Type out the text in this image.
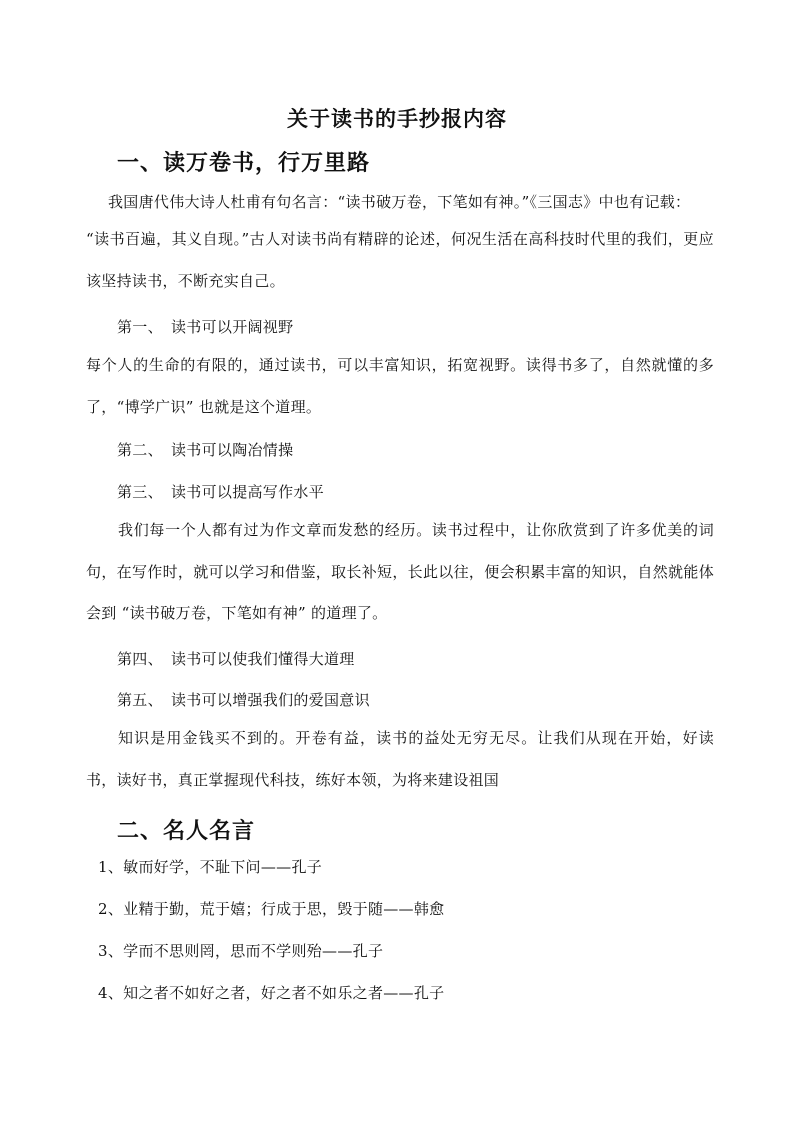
关于读书的手抄报内容
一、读万卷书，行万里路
我国唐代伟大诗人杜甫有句名言：“读书破万卷，下笔如有神。”《三国志》中也有记载：

“读书百遍，其义自现。”古人对读书尚有精辟的论述，何况生活在高科技时代里的我们，更应该坚持读书，不断充实自己。

第一、 读书可以开阔视野

每个人的生命的有限的，通过读书，可以丰富知识，拓宽视野。读得书多了，自然就懂的多了，“博学广识” 也就是这个道理。

第二、 读书可以陶冶情操
第三、 读书可以提高写作水平

我们每一个人都有过为作文章而发愁的经历。读书过程中，让你欣赏到了许多优美的词句，在写作时，就可以学习和借鉴，取长补短，长此以往，便会积累丰富的知识，自然就能体会到 “读书破万卷，下笔如有神” 的道理了。

第四、 读书可以使我们懂得大道理
第五、 读书可以增强我们的爱国意识

知识是用金钱买不到的。开卷有益，读书的益处无穷无尽。让我们从现在开始，好读书，读好书，真正掌握现代科技，练好本领，为将来建设祖国

二、名人名言
1、敏而好学，不耻下问——孔子
2、业精于勤，荒于嬉；行成于思，毁于随——韩愈
3、学而不思则罔，思而不学则殆——孔子
4、知之者不如好之者，好之者不如乐之者——孔子
